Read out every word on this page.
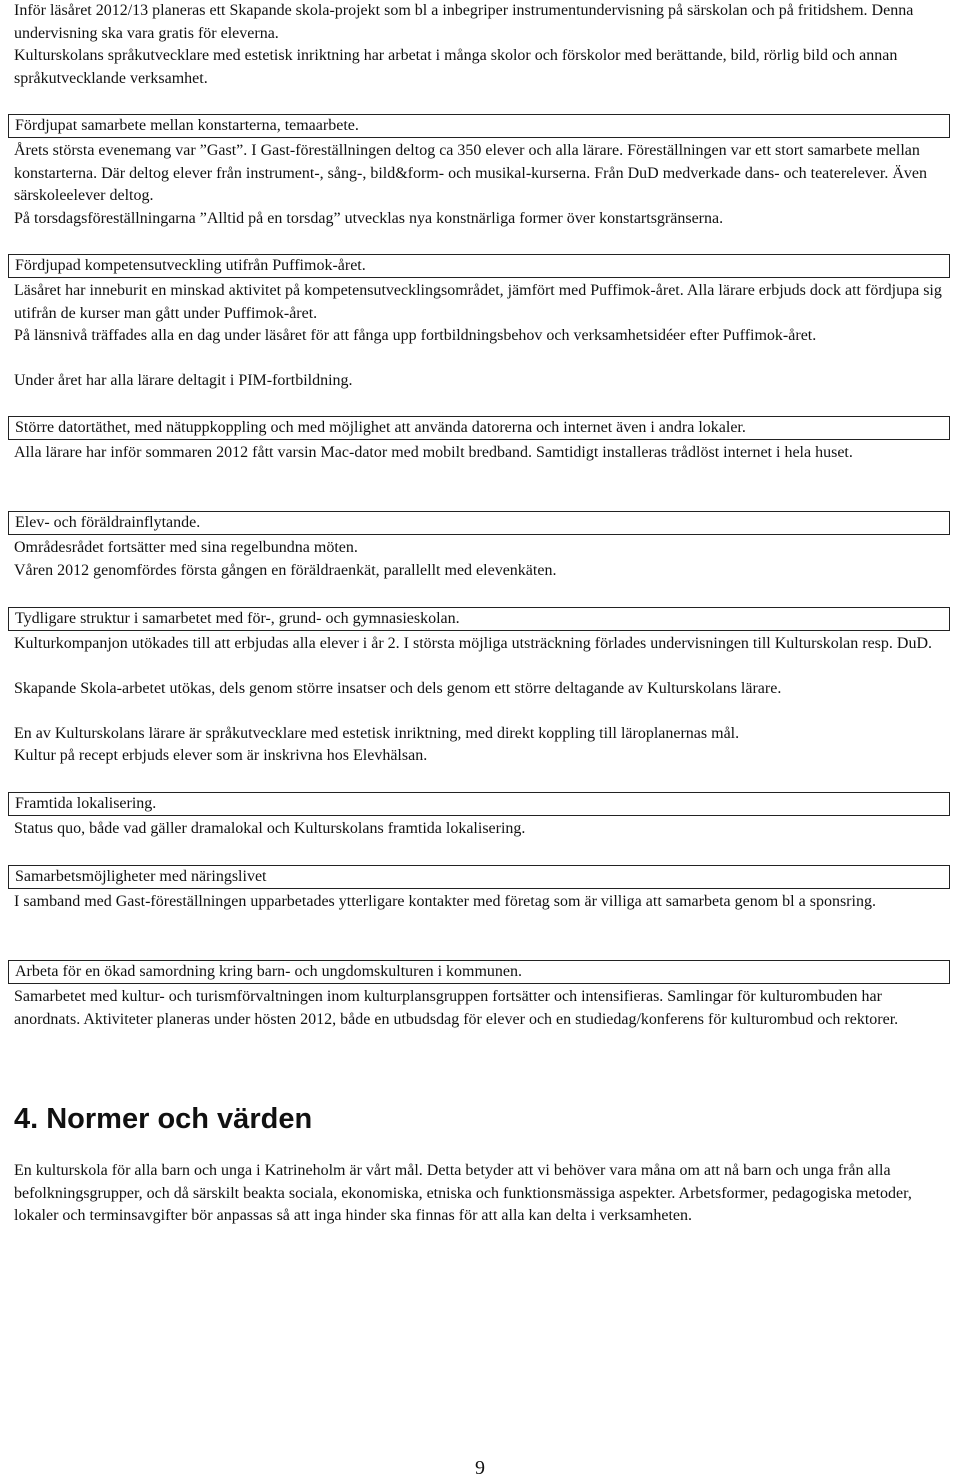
Inför läsåret 2012/13 planeras ett Skapande skola-projekt som bl a inbegriper instrumentundervisning på särskolan och på fritidshem. Denna undervisning ska vara gratis för eleverna.

Kulturskolans språkutvecklare med estetisk inriktning har arbetat i många skolor och förskolor med berättande, bild, rörlig bild och annan språkutvecklande verksamhet.

Fördjupat samarbete mellan konstarterna, temaarbete.

Årets största evenemang var ”Gast”. I Gast-föreställningen deltog ca 350 elever och alla lärare. Föreställningen var ett stort samarbete mellan konstarterna. Där deltog elever från instrument-, sång-, bild&form- och musikal-kurserna. Från DuD medverkade dans- och teaterelever. Även särskoleelever deltog.

På torsdagsföreställningarna ”Alltid på en torsdag” utvecklas nya konstnärliga former över konstartsgränserna.

Fördjupad kompetensutveckling utifrån Puffimok-året.

Läsåret har inneburit en minskad aktivitet på kompetensutvecklingsområdet, jämfört med Puffimok-året. Alla lärare erbjuds dock att fördjupa sig utifrån de kurser man gått under Puffimok-året.

På länsnivå träffades alla en dag under läsåret för att fånga upp fortbildningsbehov och verksamhetsidéer efter Puffimok-året.

Under året har alla lärare deltagit i PIM-fortbildning.

Större datortäthet, med nätuppkoppling och med möjlighet att använda datorerna och internet även i andra lokaler.

Alla lärare har inför sommaren 2012 fått varsin Mac-dator med mobilt bredband. Samtidigt installeras trådlöst internet i hela huset.

Elev- och föräldrainflytande.

Områdesrådet fortsätter med sina regelbundna möten.

Våren 2012 genomfördes första gången en föräldraenkät, parallellt med elevenkäten.

Tydligare struktur i samarbetet med för-, grund- och gymnasieskolan.

Kulturkompanjon utökades till att erbjudas alla elever i år 2. I största möjliga utsträckning förlades undervisningen till Kulturskolan resp. DuD.

Skapande Skola-arbetet utökas, dels genom större insatser och dels genom ett större deltagande av Kulturskolans lärare.

En av Kulturskolans lärare är språkutvecklare med estetisk inriktning, med direkt koppling till läroplanernas mål.

Kultur på recept erbjuds elever som är inskrivna hos Elevhälsan.

Framtida lokalisering.

Status quo, både vad gäller dramalokal och Kulturskolans framtida lokalisering.

Samarbetsmöjligheter med näringslivet

I samband med Gast-föreställningen upparbetades ytterligare kontakter med företag som är villiga att samarbeta genom bl a sponsring.

Arbeta för en ökad samordning kring barn- och ungdomskulturen i kommunen.

Samarbetet med kultur- och turismförvaltningen inom kulturplansgruppen fortsätter och intensifieras. Samlingar för kulturombuden har anordnats. Aktiviteter planeras under hösten 2012, både en utbudsdag för elever och en studiedag/konferens för kulturombud och rektorer.

4. Normer och värden

En kulturskola för alla barn och unga i Katrineholm är vårt mål. Detta betyder att vi behöver vara måna om att nå barn och unga från alla befolkningsgrupper, och då särskilt beakta sociala, ekonomiska, etniska och funktionsmässiga aspekter. Arbetsformer, pedagogiska metoder, lokaler och terminsavgifter bör anpassas så att inga hinder ska finnas för att alla kan delta i verksamheten.

9
